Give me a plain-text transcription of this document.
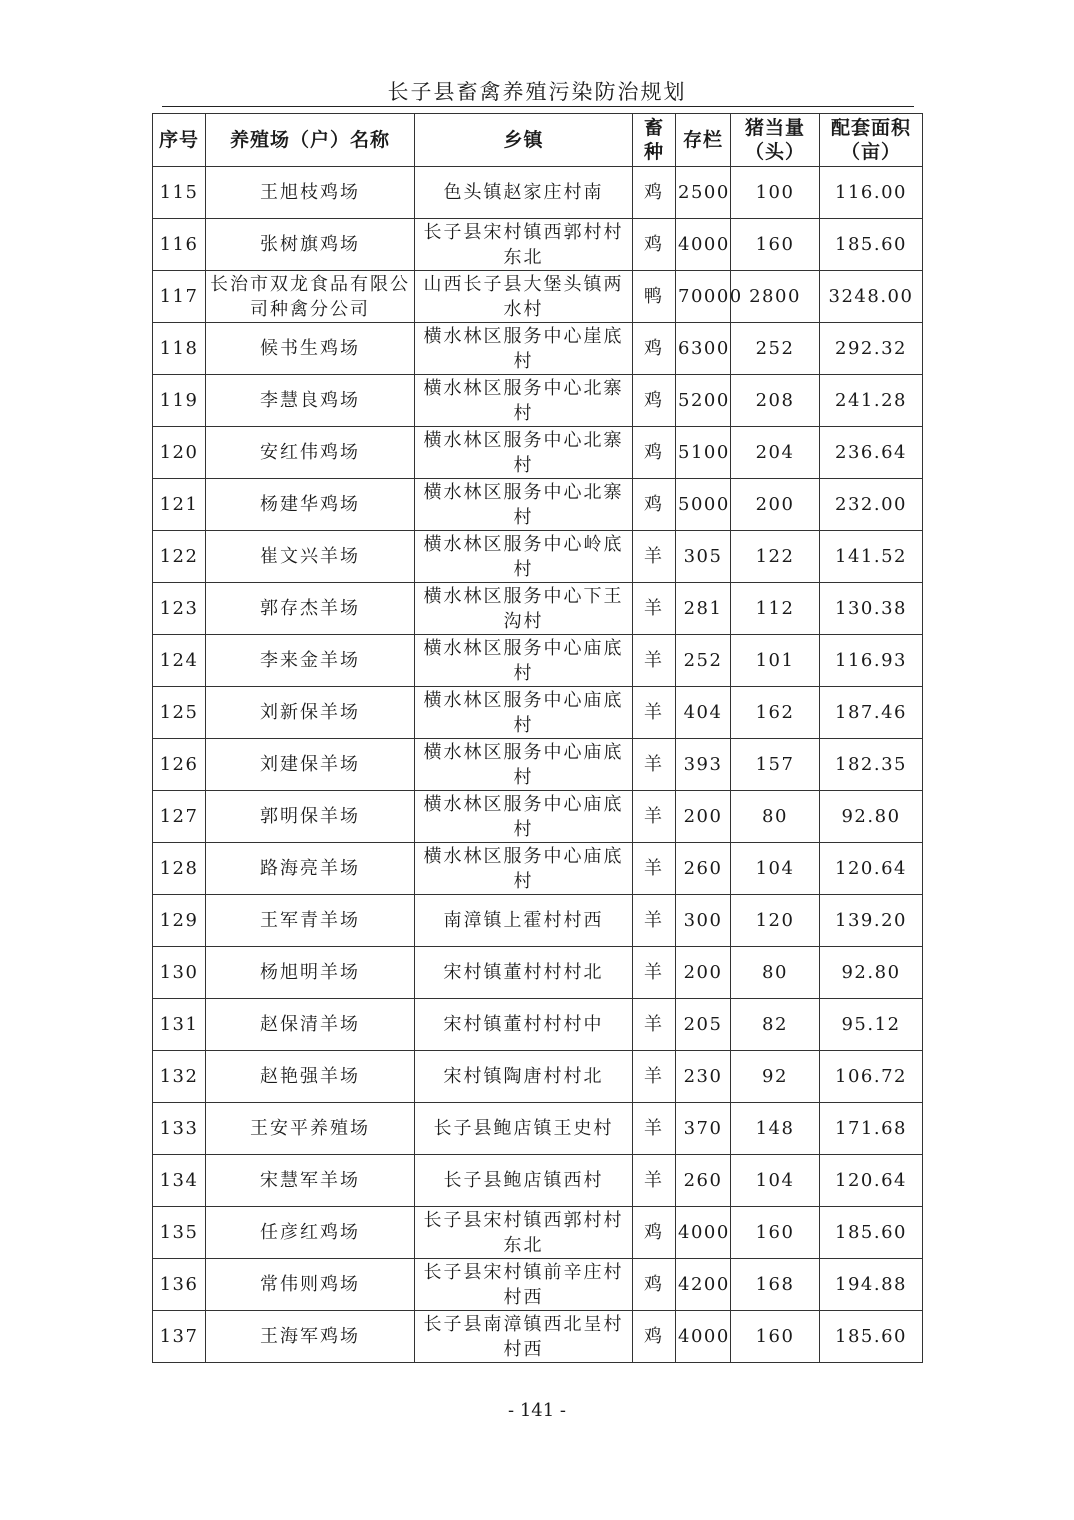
长子县畜禽养殖污染防治规划
序号	养殖场（户）名称	乡镇	畜种	存栏	猪当量（头）	配套面积（亩）
115	王旭枝鸡场	色头镇赵家庄村南	鸡	2500	100	116.00
116	张树旗鸡场	长子县宋村镇西郭村村东北	鸡	4000	160	185.60
117	长治市双龙食品有限公司种禽分公司	山西长子县大堡头镇两水村	鸭	70000	2800	3248.00
118	候书生鸡场	横水林区服务中心崖底村	鸡	6300	252	292.32
119	李慧良鸡场	横水林区服务中心北寨村	鸡	5200	208	241.28
120	安红伟鸡场	横水林区服务中心北寨村	鸡	5100	204	236.64
121	杨建华鸡场	横水林区服务中心北寨村	鸡	5000	200	232.00
122	崔文兴羊场	横水林区服务中心岭底村	羊	305	122	141.52
123	郭存杰羊场	横水林区服务中心下王沟村	羊	281	112	130.38
124	李来金羊场	横水林区服务中心庙底村	羊	252	101	116.93
125	刘新保羊场	横水林区服务中心庙底村	羊	404	162	187.46
126	刘建保羊场	横水林区服务中心庙底村	羊	393	157	182.35
127	郭明保羊场	横水林区服务中心庙底村	羊	200	80	92.80
128	路海亮羊场	横水林区服务中心庙底村	羊	260	104	120.64
129	王军青羊场	南漳镇上霍村村西	羊	300	120	139.20
130	杨旭明羊场	宋村镇董村村村北	羊	200	80	92.80
131	赵保清羊场	宋村镇董村村村中	羊	205	82	95.12
132	赵艳强羊场	宋村镇陶唐村村北	羊	230	92	106.72
133	王安平养殖场	长子县鲍店镇王史村	羊	370	148	171.68
134	宋慧军羊场	长子县鲍店镇西村	羊	260	104	120.64
135	任彦红鸡场	长子县宋村镇西郭村村东北	鸡	4000	160	185.60
136	常伟则鸡场	长子县宋村镇前辛庄村村西	鸡	4200	168	194.88
137	王海军鸡场	长子县南漳镇西北呈村村西	鸡	4000	160	185.60
- 141 -
